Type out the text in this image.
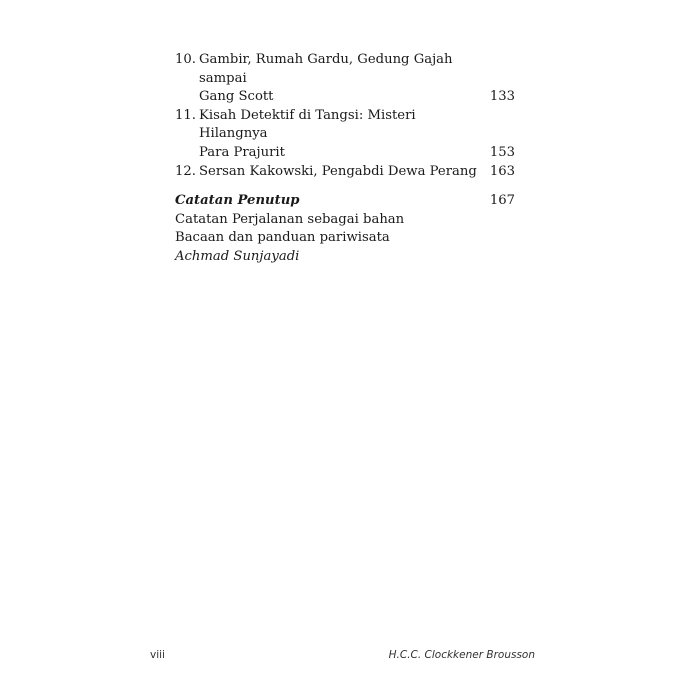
10. Gambir, Rumah Gardu, Gedung Gajah sampai
Gang Scott	133
11. Kisah Detektif di Tangsi: Misteri Hilangnya
Para Prajurit	153
12. Sersan Kakowski, Pengabdi Dewa Perang 163
Catatan Penutup	167
Catatan Perjalanan sebagai bahan
Bacaan dan panduan pariwisata
Achmad Sunjayadi
viii	H.C.C. Clockkener Brousson
